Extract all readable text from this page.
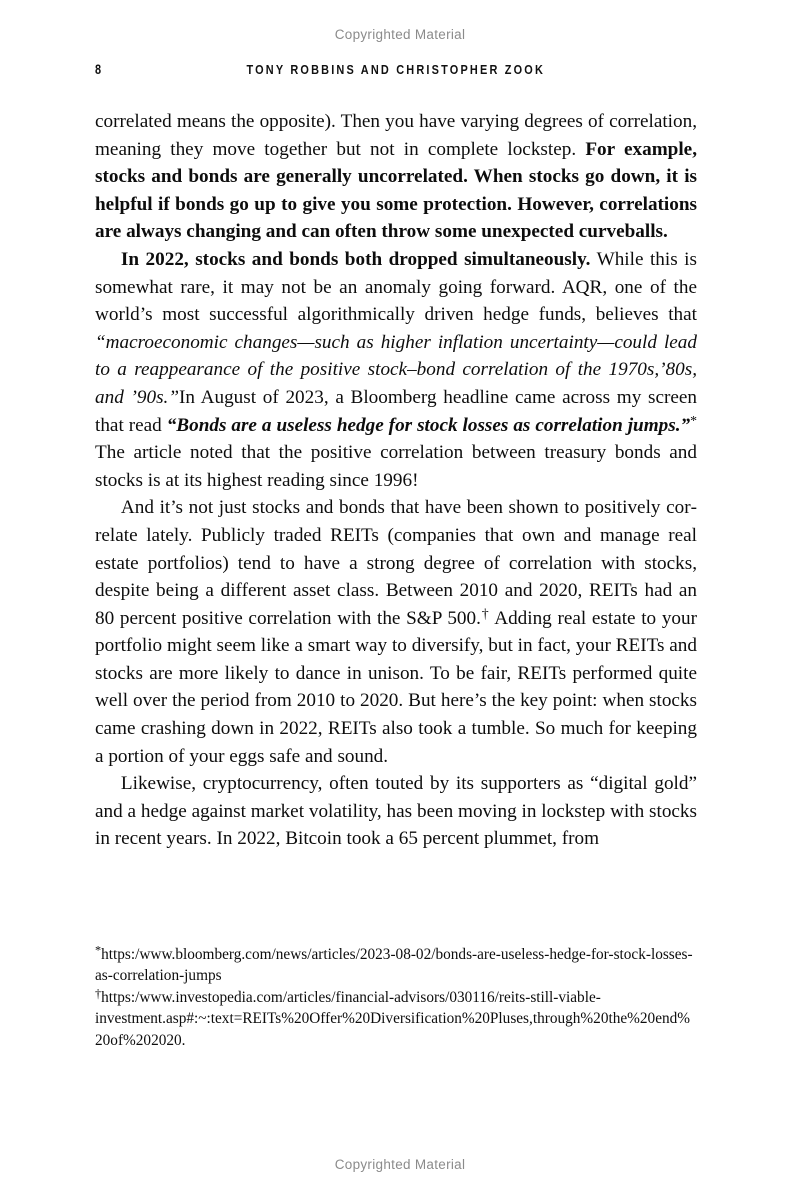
Copyrighted Material
8	TONY ROBBINS AND CHRISTOPHER ZOOK

correlated means the opposite). Then you have varying degrees of correlation, meaning they move together but not in complete lockstep. For example, stocks and bonds are generally uncorrelated. When stocks go down, it is helpful if bonds go up to give you some protection. However, correlations are always changing and can often throw some unexpected curveballs.

In 2022, stocks and bonds both dropped simultaneously. While this is somewhat rare, it may not be an anomaly going forward. AQR, one of the world’s most successful algorithmically driven hedge funds, believes that “macroeconomic changes—such as higher inflation uncertainty—could lead to a reappearance of the positive stock–bond correlation of the 1970s,’80s, and ’90s.”In August of 2023, a Bloomberg headline came across my screen that read “Bonds are a useless hedge for stock losses as correlation jumps.”* The article noted that the positive correlation between treasury bonds and stocks is at its highest reading since 1996!

And it’s not just stocks and bonds that have been shown to positively correlate lately. Publicly traded REITs (companies that own and manage real estate portfolios) tend to have a strong degree of correlation with stocks, despite being a different asset class. Between 2010 and 2020, REITs had an 80 percent positive correlation with the S&P 500.† Adding real estate to your portfolio might seem like a smart way to diversify, but in fact, your REITs and stocks are more likely to dance in unison. To be fair, REITs performed quite well over the period from 2010 to 2020. But here’s the key point: when stocks came crashing down in 2022, REITs also took a tumble. So much for keeping a portion of your eggs safe and sound.

Likewise, cryptocurrency, often touted by its supporters as “digital gold” and a hedge against market volatility, has been moving in lockstep with stocks in recent years. In 2022, Bitcoin took a 65 percent plummet, from

*https:/www.bloomberg.com/news/articles/2023-08-02/bonds-are-useless-hedge-for-stock-losses-as-correlation-jumps

†https:/www.investopedia.com/articles/financial-advisors/030116/reits-still-viable-investment.asp#:~:text=REITs%20Offer%20Diversification%20Pluses,through%20the%20end%20of%202020.

Copyrighted Material
